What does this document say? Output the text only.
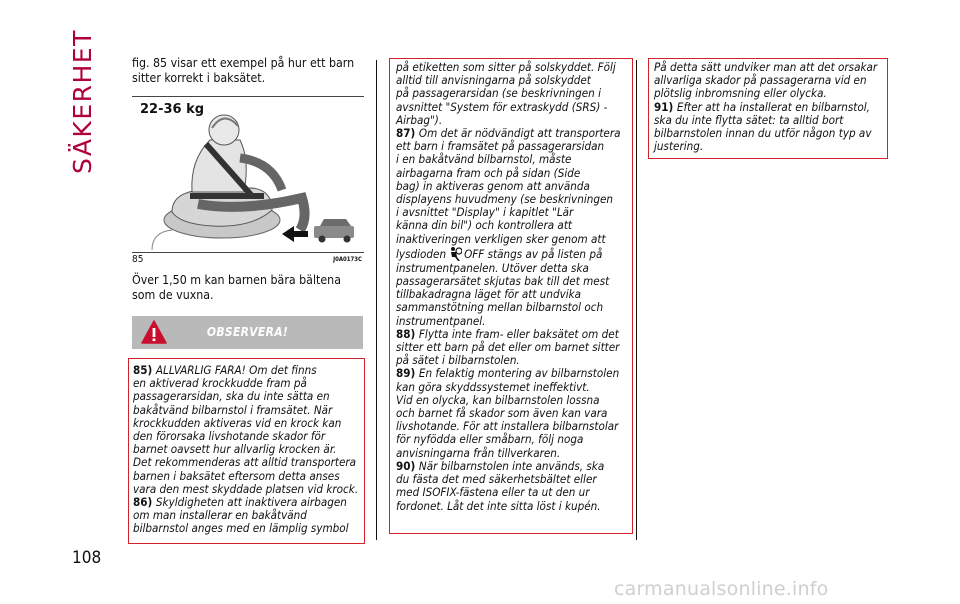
SÄKERHET
108

fig. 85 visar ett exempel på hur ett barn
sitter korrekt i baksätet.

22-36 kg
85	J0A0173C
Över 1,50 m kan barnen bära bältena
som de vuxna.
OBSERVERA!
85) ALLVARLIG FARA! Om det finns
en aktiverad krockkudde fram på
passagerarsidan, ska du inte sätta en
bakåtvänd bilbarnstol i framsätet. När
krockkudden aktiveras vid en krock kan
den förorsaka livshotande skador för
barnet oavsett hur allvarlig krocken är.
Det rekommenderas att alltid transportera
barnen i baksätet eftersom detta anses
vara den mest skyddade platsen vid krock.
86) Skyldigheten att inaktivera airbagen
om man installerar en bakåtvänd
bilbarnstol anges med en lämplig symbol
på etiketten som sitter på solskyddet. Följ
alltid till anvisningarna på solskyddet
på passagerarsidan (se beskrivningen i
avsnittet "System för extraskydd (SRS) -
Airbag").
87) Om det är nödvändigt att transportera
ett barn i framsätet på passagerarsidan
i en bakåtvänd bilbarnstol, måste
airbagarna fram och på sidan (Side
bag) in aktiveras genom att använda
displayens huvudmeny (se beskrivningen
i avsnittet "Display" i kapitlet "Lär
känna din bil") och kontrollera att
inaktiveringen verkligen sker genom att
lysdioden OFF stängs av på listen på
instrumentpanelen. Utöver detta ska
passagerarsätet skjutas bak till det mest
tillbakadragna läget för att undvika
sammanstötning mellan bilbarnstol och
instrumentpanel.
88) Flytta inte fram- eller baksätet om det
sitter ett barn på det eller om barnet sitter
på sätet i bilbarnstolen.
89) En felaktig montering av bilbarnstolen
kan göra skyddssystemet ineffektivt.
Vid en olycka, kan bilbarnstolen lossna
och barnet få skador som även kan vara
livshotande. För att installera bilbarnstolar
för nyfödda eller småbarn, följ noga
anvisningarna från tillverkaren.
90) När bilbarnstolen inte används, ska
du fästa det med säkerhetsbältet eller
med ISOFIX-fästena eller ta ut den ur
fordonet. Låt det inte sitta löst i kupén.
På detta sätt undviker man att det orsakar
allvarliga skador på passagerarna vid en
plötslig inbromsning eller olycka.
91) Efter att ha installerat en bilbarnstol,
ska du inte flytta sätet: ta alltid bort
bilbarnstolen innan du utför någon typ av
justering.
carmanualsonline.info
